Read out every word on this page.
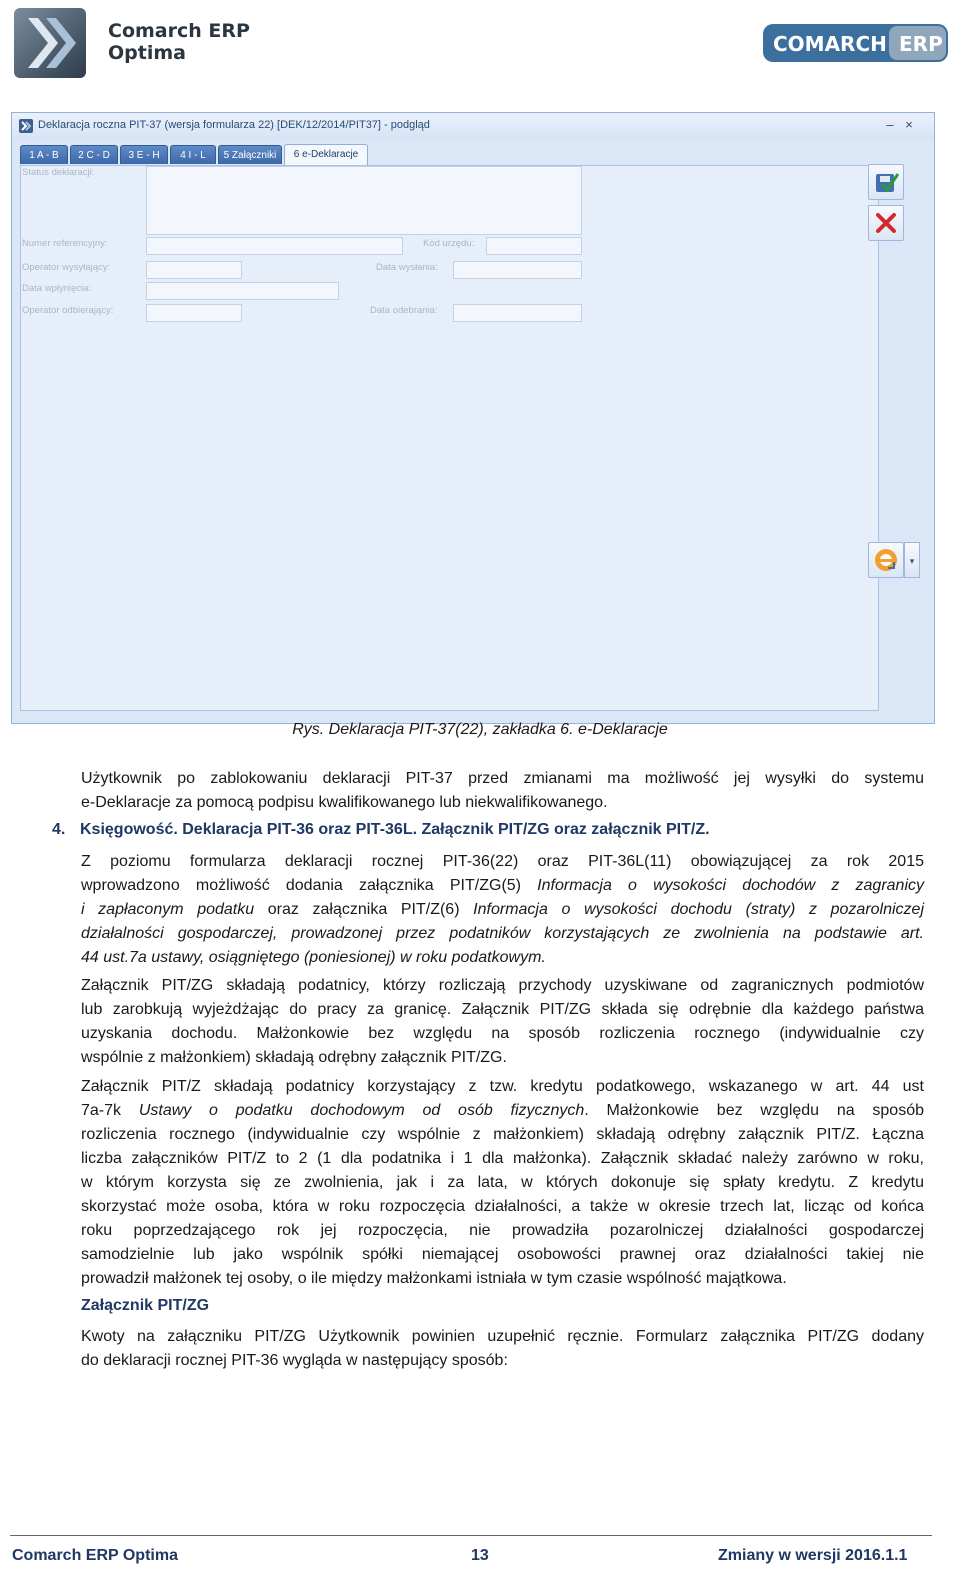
Comarch ERP
Optima	COMARCH ERP
Deklaracja roczna PIT-37 (wersja formularza 22) [DEK/12/2014/PIT37] - podgląd	– ×
1 A - B	2 C - D	3 E - H	4 I - L	5 Załączniki	6 e-Deklaracje
Status deklaracji:
Numer referencyjny:	Kod urzędu:
Operator wysyłający:	Data wysłania:
Data wpłynięcia:
Operator odbierający:	Data odebrania:
▾
Rys. Deklaracja PIT-37(22), zakładka 6. e-Deklaracje

Użytkownik po zablokowaniu deklaracji PIT-37 przed zmianami ma możliwość jej wysyłki do systemu
e-Deklaracje za pomocą podpisu kwalifikowanego lub niekwalifikowanego.

4. Księgowość. Deklaracja PIT-36 oraz PIT-36L. Załącznik PIT/ZG oraz załącznik PIT/Z.

Z poziomu formularza deklaracji rocznej PIT-36(22) oraz PIT-36L(11) obowiązującej za rok 2015
wprowadzono możliwość dodania załącznika PIT/ZG(5) Informacja o wysokości dochodów z zagranicy
i zapłaconym podatku oraz załącznika PIT/Z(6) Informacja o wysokości dochodu (straty) z pozarolniczej
działalności gospodarczej, prowadzonej przez podatników korzystających ze zwolnienia na podstawie art.
44 ust.7a ustawy, osiągniętego (poniesionej) w roku podatkowym.

Załącznik PIT/ZG składają podatnicy, którzy rozliczają przychody uzyskiwane od zagranicznych podmiotów
lub zarobkują wyjeżdżając do pracy za granicę. Załącznik PIT/ZG składa się odrębnie dla każdego państwa
uzyskania dochodu. Małżonkowie bez względu na sposób rozliczenia rocznego (indywidualnie czy
wspólnie z małżonkiem) składają odrębny załącznik PIT/ZG.

Załącznik PIT/Z składają podatnicy korzystający z tzw. kredytu podatkowego, wskazanego w art. 44 ust
7a-7k Ustawy o podatku dochodowym od osób fizycznych. Małżonkowie bez względu na sposób
rozliczenia rocznego (indywidualnie czy wspólnie z małżonkiem) składają odrębny załącznik PIT/Z. Łączna
liczba załączników PIT/Z to 2 (1 dla podatnika i 1 dla małżonka). Załącznik składać należy zarówno w roku,
w którym korzysta się ze zwolnienia, jak i za lata, w których dokonuje się spłaty kredytu. Z kredytu
skorzystać może osoba, która w roku rozpoczęcia działalności, a także w okresie trzech lat, licząc od końca
roku poprzedzającego rok jej rozpoczęcia, nie prowadziła pozarolniczej działalności gospodarczej
samodzielnie lub jako wspólnik spółki niemającej osobowości prawnej oraz działalności takiej nie
prowadził małżonek tej osoby, o ile między małżonkami istniała w tym czasie wspólność majątkowa.

Załącznik PIT/ZG

Kwoty na załączniku PIT/ZG Użytkownik powinien uzupełnić ręcznie. Formularz załącznika PIT/ZG dodany
do deklaracji rocznej PIT-36 wygląda w następujący sposób:

Comarch ERP Optima	13	Zmiany w wersji 2016.1.1
